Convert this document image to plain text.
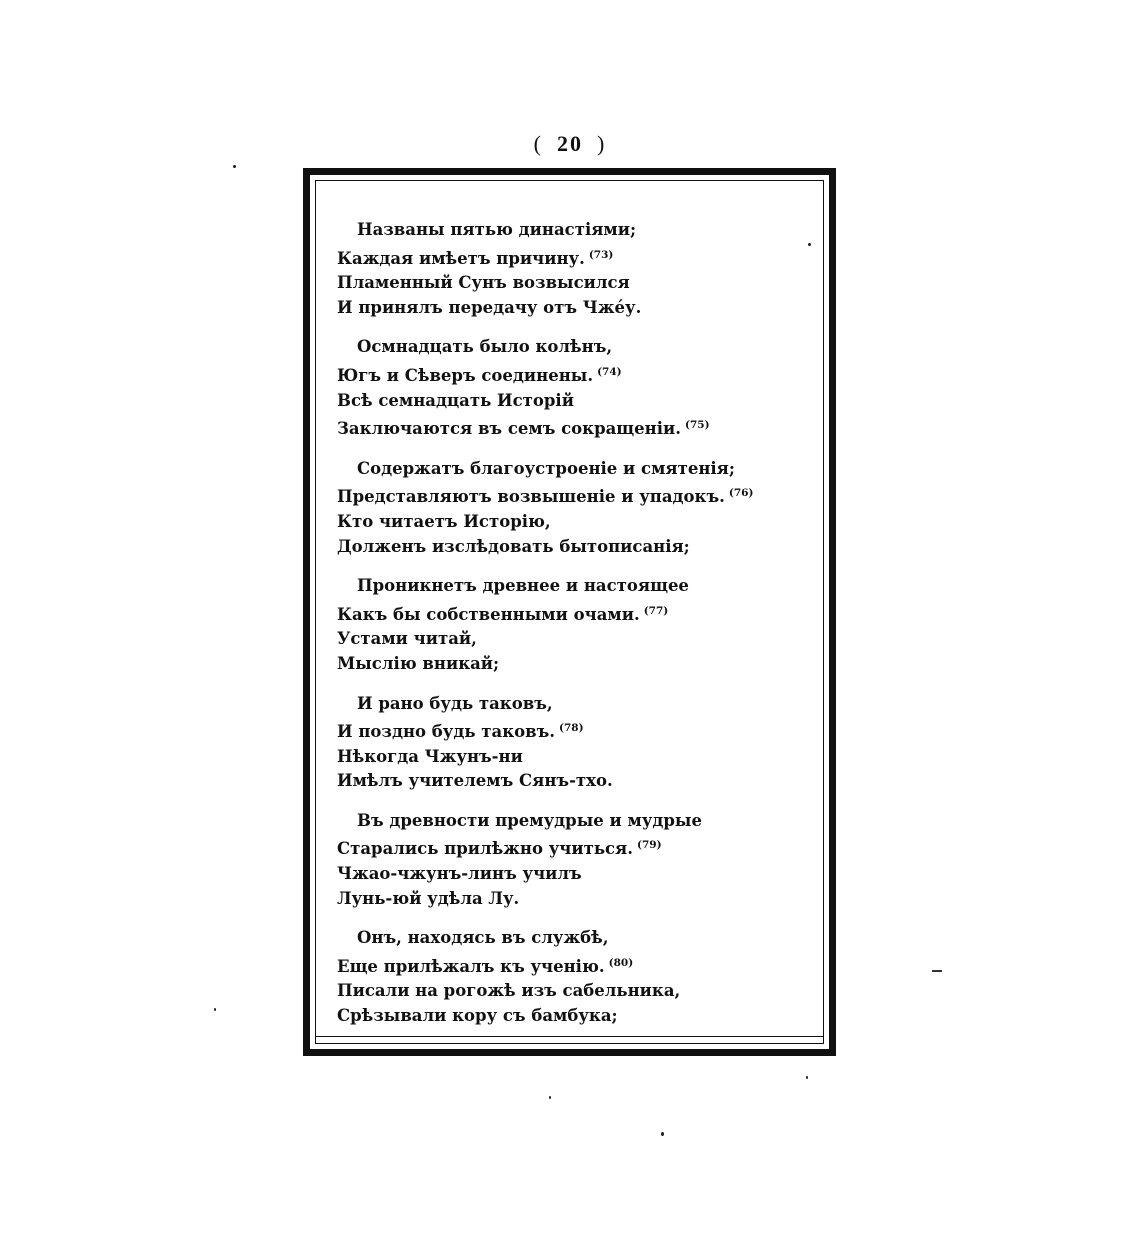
( 20 )
Названы пятью династіями;
Каждая имѣетъ причину. $^{(73)}$
Пламенный Сунъ возвысился
И принялъ передачу отъ Чжéу.
Осмнадцать было колѣнъ,
Югъ и Сѣверъ соединены. $^{(74)}$
Всѣ семнадцать Исторій
Заключаются въ семъ сокращеніи. $^{(75)}$
Содержатъ благоустроеніе и смятенія;
Представляютъ возвышеніе и упадокъ. $^{(76)}$
Кто читаетъ Исторію,
Долженъ изслѣдовать бытописанія;
Проникнетъ древнее и настоящее
Какъ бы собственными очами. $^{(77)}$
Устами читай,
Мыслію вникай;
И рано будь таковъ,
И поздно будь таковъ. $^{(78)}$
Нѣкогда Чжунъ-ни
Имѣлъ учителемъ Сянъ-тхо.
Въ древности премудрые и мудрые
Старались прилѣжно учиться. $^{(79)}$
Чжао-чжунъ-линъ училъ
Лунь-юй удѣла Лу.
Онъ, находясь въ службѣ,
Еще прилѣжалъ къ ученію. $^{(80)}$
Писали на рогожѣ изъ сабельника,
Срѣзывали кору съ бамбука;
